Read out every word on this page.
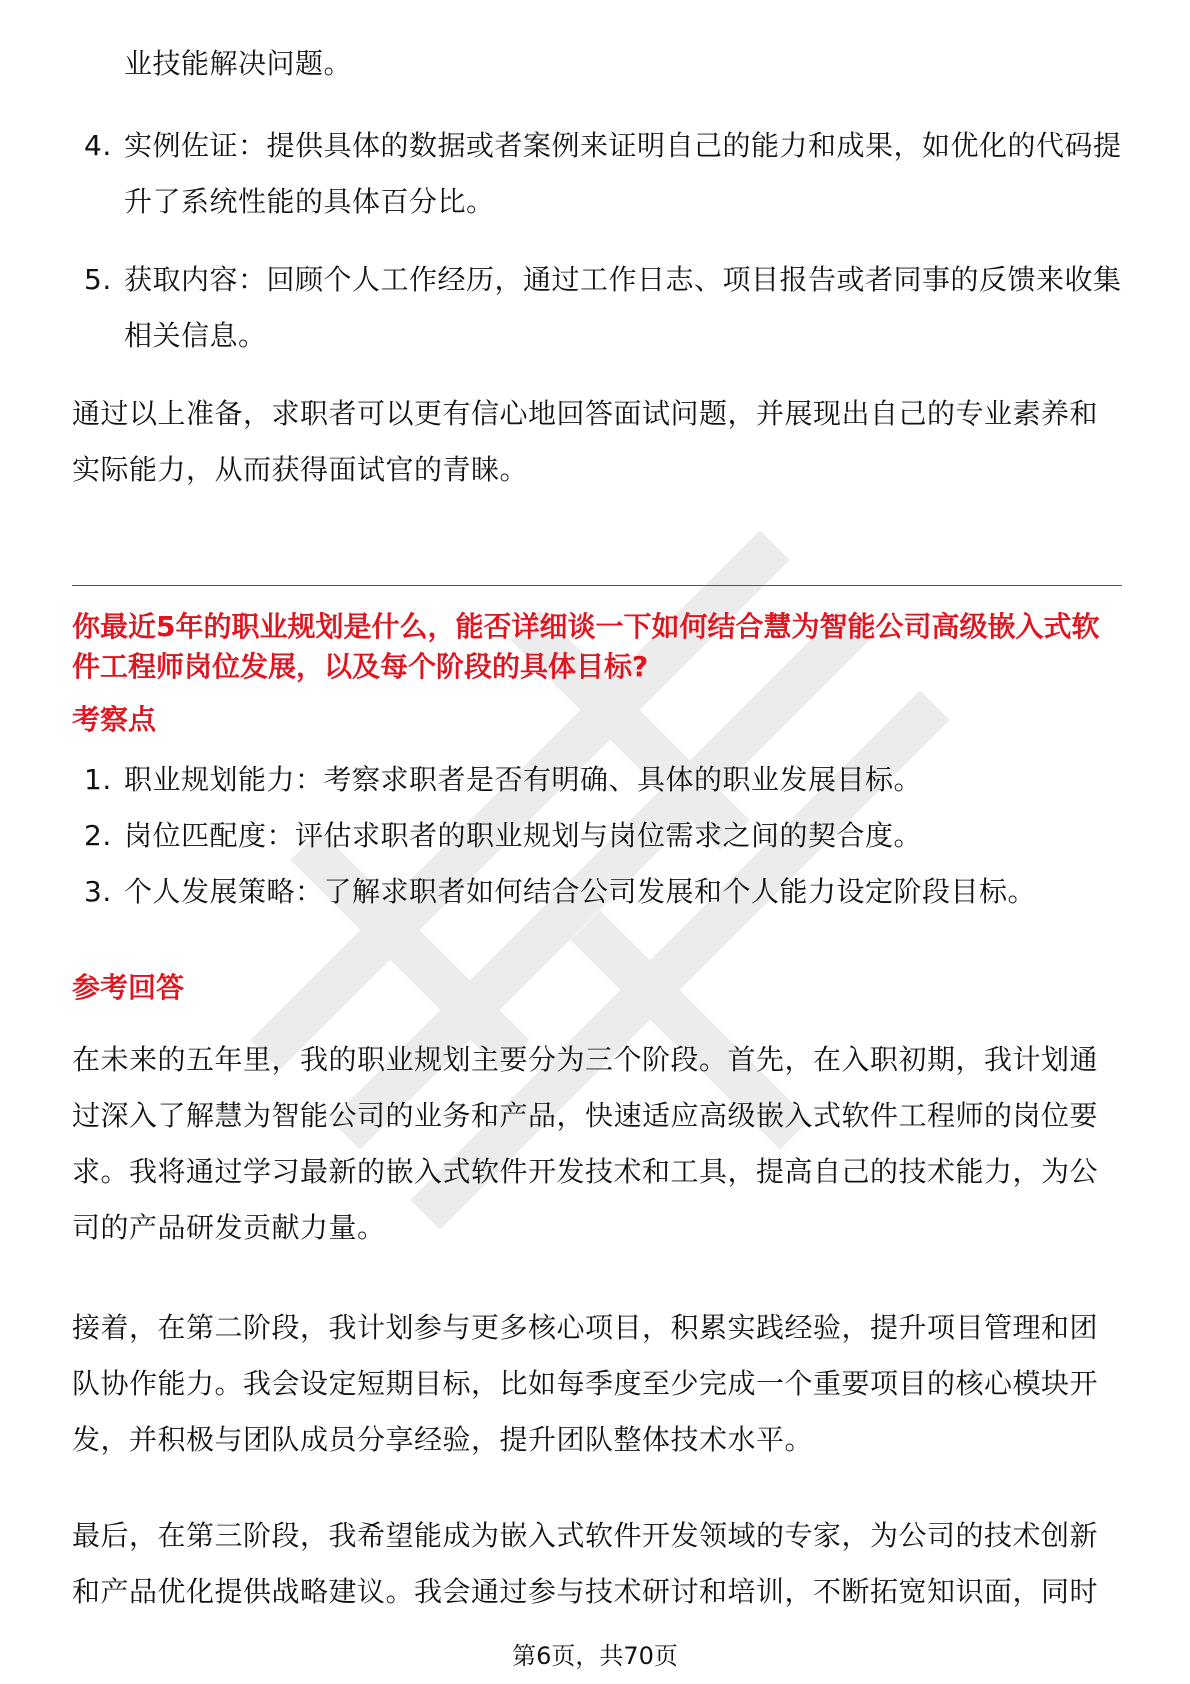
业技能解决问题。

4. 实例佐证：提供具体的数据或者案例来证明自己的能力和成果，如优化的代码提升了系统性能的具体百分比。
5. 获取内容：回顾个人工作经历，通过工作日志、项目报告或者同事的反馈来收集相关信息。

通过以上准备，求职者可以更有信心地回答面试问题，并展现出自己的专业素养和实际能力，从而获得面试官的青睐。

你最近5年的职业规划是什么，能否详细谈一下如何结合慧为智能公司高级嵌入式软件工程师岗位发展，以及每个阶段的具体目标?

考察点

1. 职业规划能力：考察求职者是否有明确、具体的职业发展目标。
2. 岗位匹配度：评估求职者的职业规划与岗位需求之间的契合度。
3. 个人发展策略：了解求职者如何结合公司发展和个人能力设定阶段目标。

参考回答

在未来的五年里，我的职业规划主要分为三个阶段。首先，在入职初期，我计划通过深入了解慧为智能公司的业务和产品，快速适应高级嵌入式软件工程师的岗位要求。我将通过学习最新的嵌入式软件开发技术和工具，提高自己的技术能力，为公司的产品研发贡献力量。

接着，在第二阶段，我计划参与更多核心项目，积累实践经验，提升项目管理和团队协作能力。我会设定短期目标，比如每季度至少完成一个重要项目的核心模块开发，并积极与团队成员分享经验，提升团队整体技术水平。

最后，在第三阶段，我希望能成为嵌入式软件开发领域的专家，为公司的技术创新和产品优化提供战略建议。我会通过参与技术研讨和培训，不断拓宽知识面，同时

第6页，共70页
